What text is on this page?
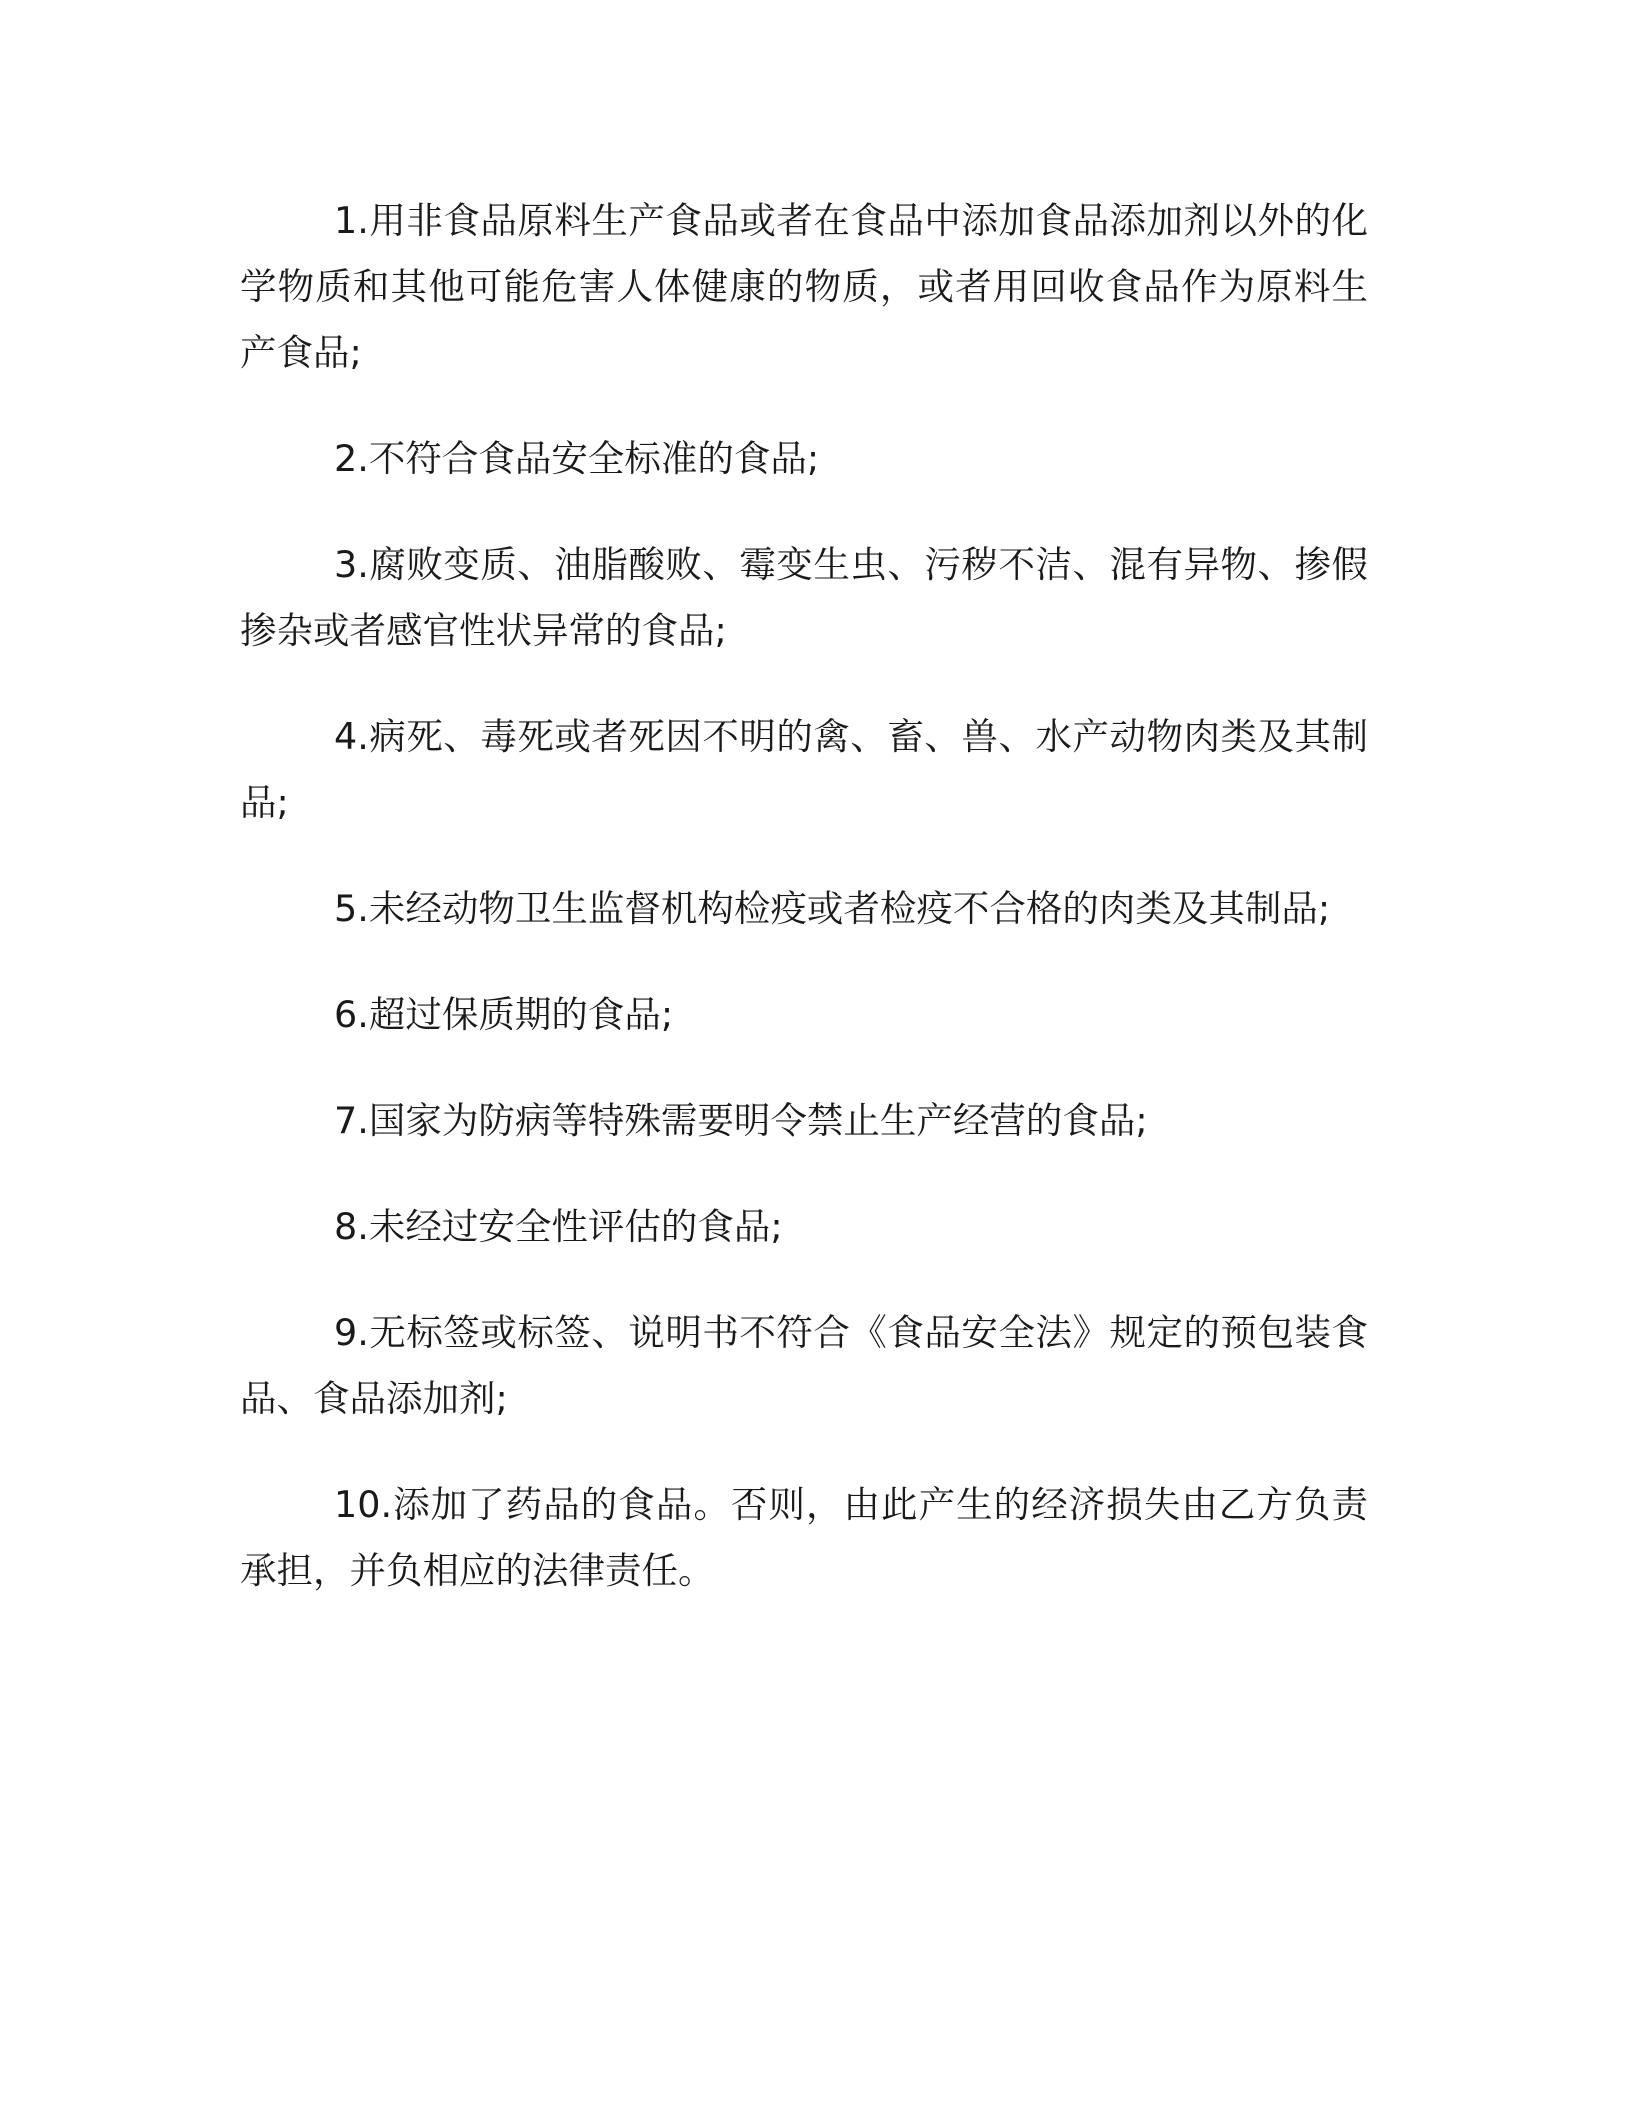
1.用非食品原料生产食品或者在食品中添加食品添加剂以外的化学物质和其他可能危害人体健康的物质，或者用回收食品作为原料生产食品;

2.不符合食品安全标准的食品;

3.腐败变质、油脂酸败、霉变生虫、污秽不洁、混有异物、掺假掺杂或者感官性状异常的食品;

4.病死、毒死或者死因不明的禽、畜、兽、水产动物肉类及其制品;

5.未经动物卫生监督机构检疫或者检疫不合格的肉类及其制品;

6.超过保质期的食品;

7.国家为防病等特殊需要明令禁止生产经营的食品;

8.未经过安全性评估的食品;

9.无标签或标签、说明书不符合《食品安全法》规定的预包装食品、食品添加剂;

10.添加了药品的食品。否则，由此产生的经济损失由乙方负责承担，并负相应的法律责任。
